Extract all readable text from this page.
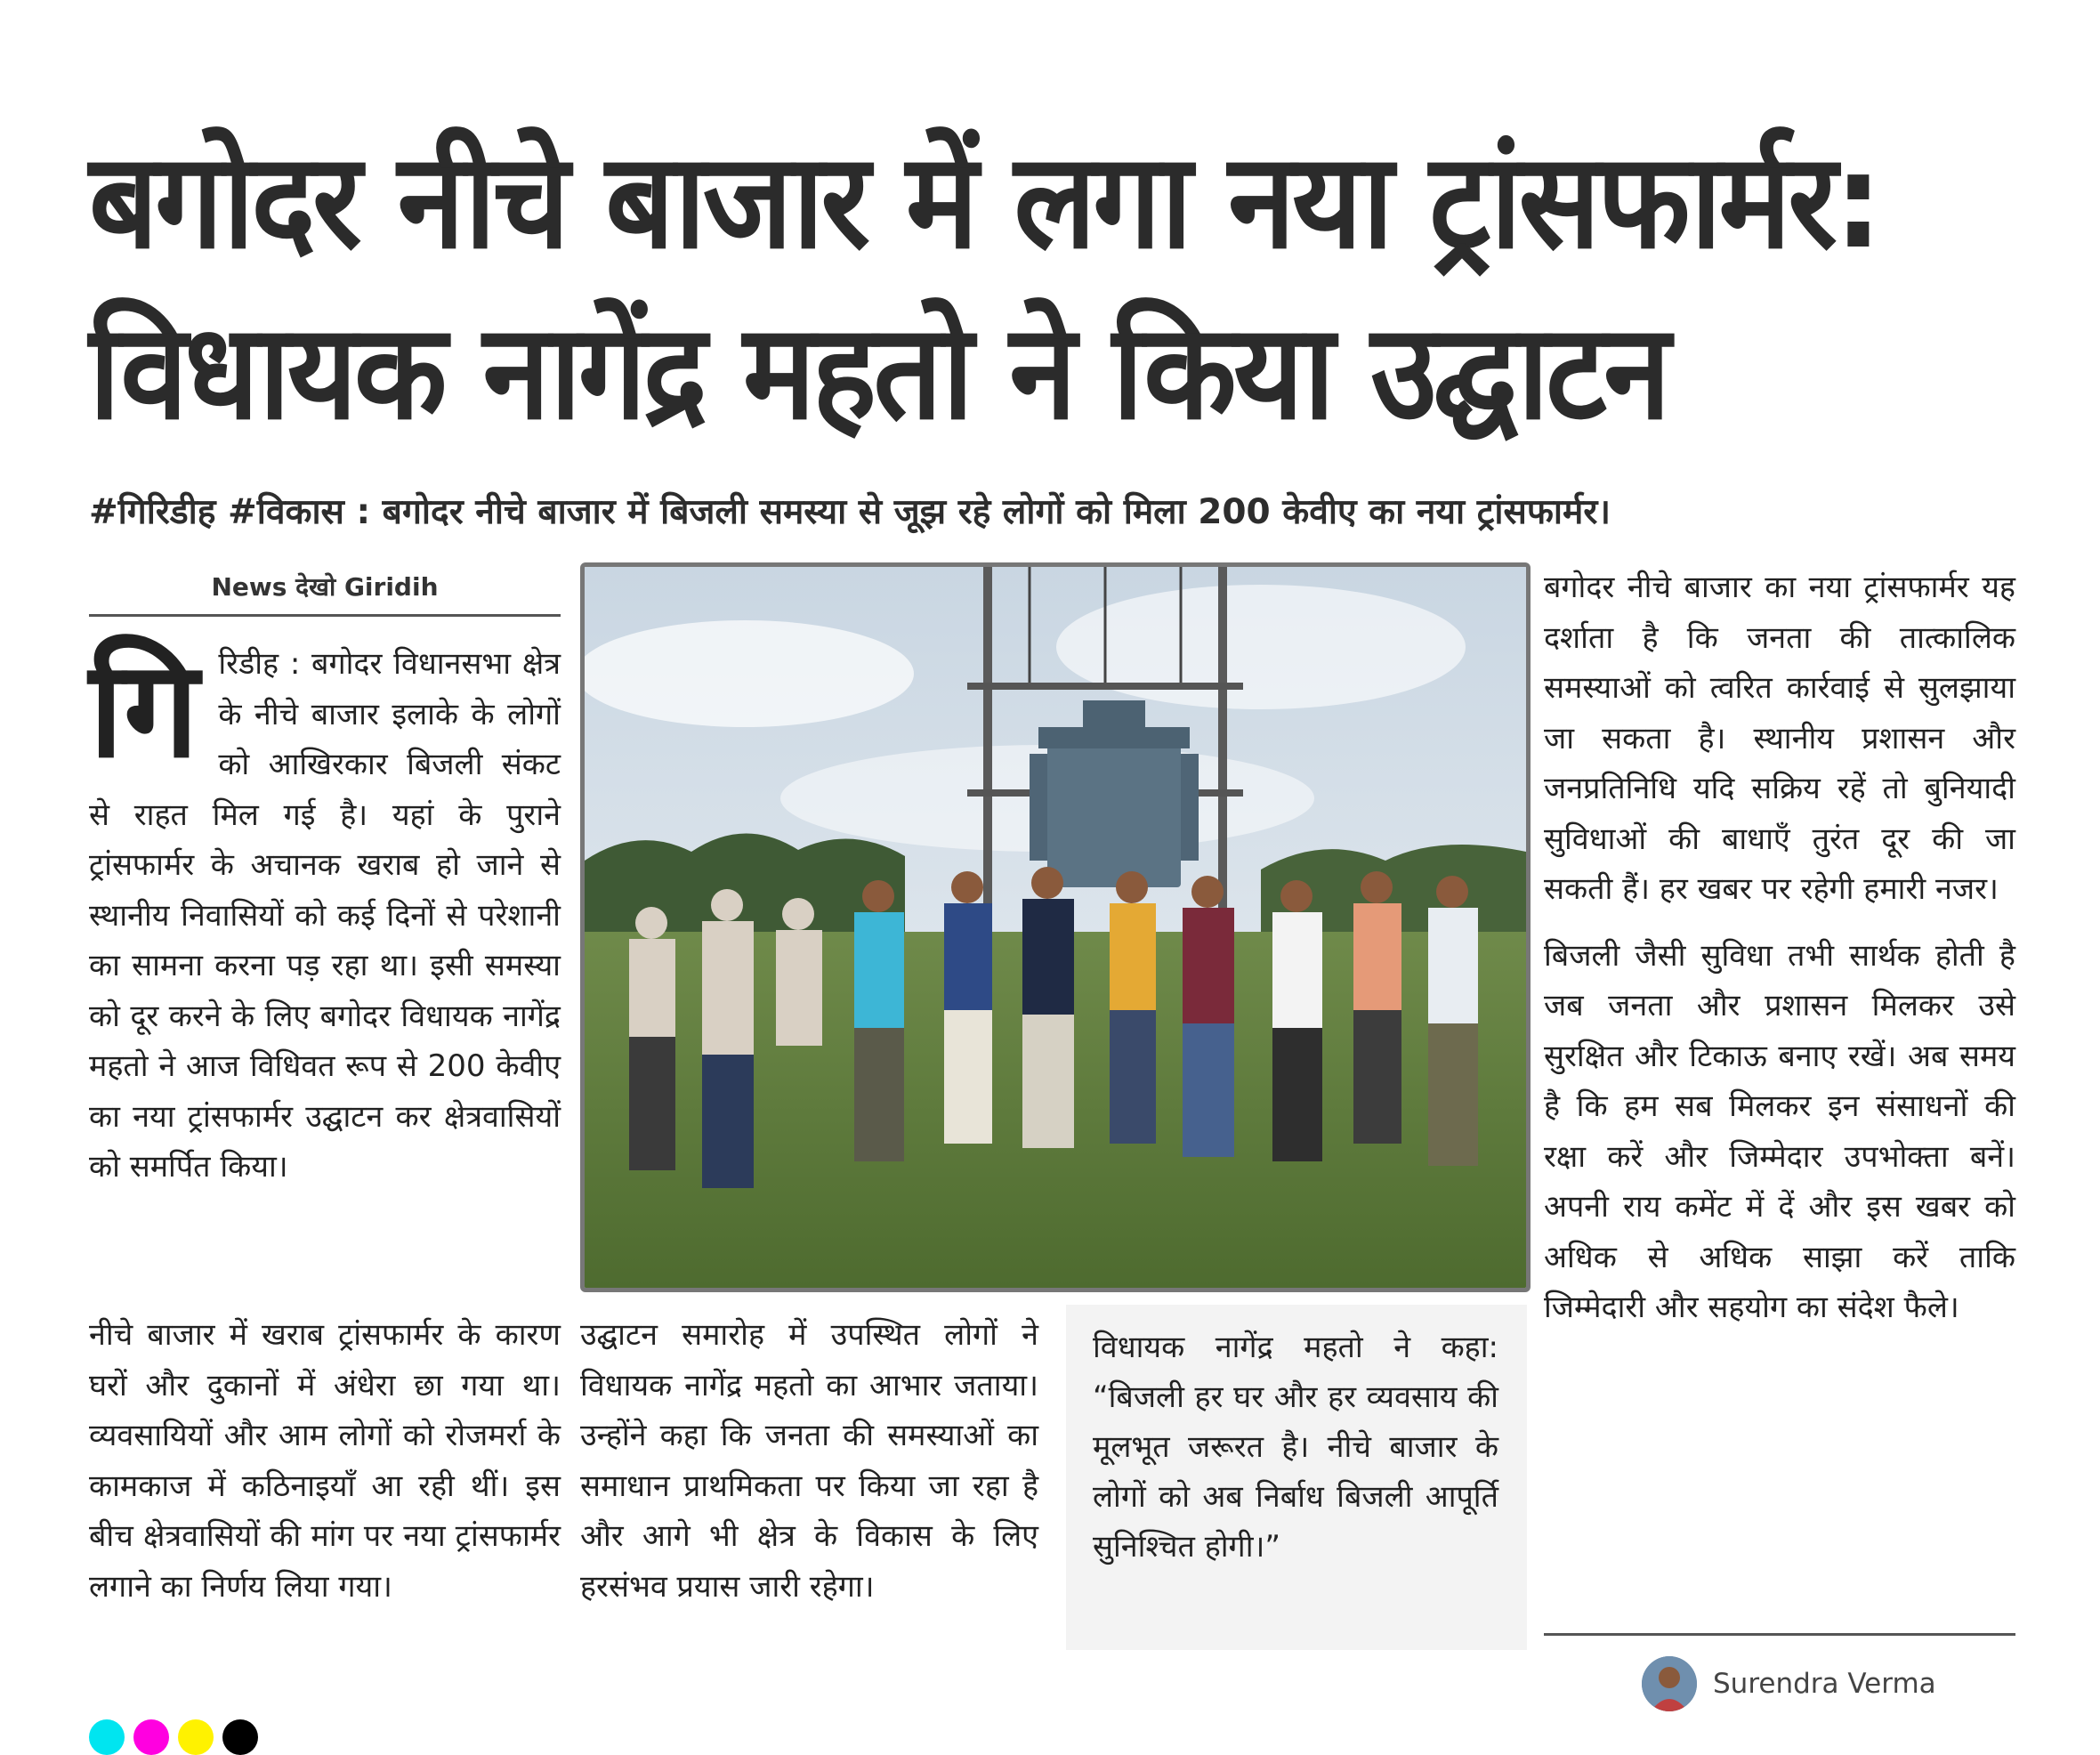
बगोदर नीचे बाजार में लगा नया ट्रांसफार्मर:
विधायक नागेंद्र महतो ने किया उद्घाटन
#गिरिडीह #विकास : बगोदर नीचे बाजार में बिजली समस्या से जूझ रहे लोगों को मिला 200 केवीए का नया ट्रांसफार्मर।
News देखो Giridih
गि रिडीह : बगोदर विधानसभा क्षेत्र के नीचे बाजार इलाके के लोगों को आखिरकार बिजली संकट से राहत मिल गई है। यहां के पुराने ट्रांसफार्मर के अचानक खराब हो जाने से स्थानीय निवासियों को कई दिनों से परेशानी का सामना करना पड़ रहा था। इसी समस्या को दूर करने के लिए बगोदर विधायक नागेंद्र महतो ने आज विधिवत रूप से 200 केवीए का नया ट्रांसफार्मर उद्घाटन कर क्षेत्रवासियों को समर्पित किया।

नीचे बाजार में खराब ट्रांसफार्मर के कारण घरों और दुकानों में अंधेरा छा गया था। व्यवसायियों और आम लोगों को रोजमर्रा के कामकाज में कठिनाइयाँ आ रही थीं। इस बीच क्षेत्रवासियों की मांग पर नया ट्रांसफार्मर लगाने का निर्णय लिया गया।

उद्घाटन समारोह में उपस्थित लोगों ने विधायक नागेंद्र महतो का आभार जताया। उन्होंने कहा कि जनता की समस्याओं का समाधान प्राथमिकता पर किया जा रहा है और आगे भी क्षेत्र के विकास के लिए हरसंभव प्रयास जारी रहेगा।

विधायक नागेंद्र महतो ने कहा: “बिजली हर घर और हर व्यवसाय की मूलभूत जरूरत है। नीचे बाजार के लोगों को अब निर्बाध बिजली आपूर्ति सुनिश्चित होगी।”

बगोदर नीचे बाजार का नया ट्रांसफार्मर यह दर्शाता है कि जनता की तात्कालिक समस्याओं को त्वरित कार्रवाई से सुलझाया जा सकता है। स्थानीय प्रशासन और जनप्रतिनिधि यदि सक्रिय रहें तो बुनियादी सुविधाओं की बाधाएँ तुरंत दूर की जा सकती हैं। हर खबर पर रहेगी हमारी नजर।

बिजली जैसी सुविधा तभी सार्थक होती है जब जनता और प्रशासन मिलकर उसे सुरक्षित और टिकाऊ बनाए रखें। अब समय है कि हम सब मिलकर इन संसाधनों की रक्षा करें और जिम्मेदार उपभोक्ता बनें। अपनी राय कमेंट में दें और इस खबर को अधिक से अधिक साझा करें ताकि जिम्मेदारी और सहयोग का संदेश फैले।

Surendra Verma
